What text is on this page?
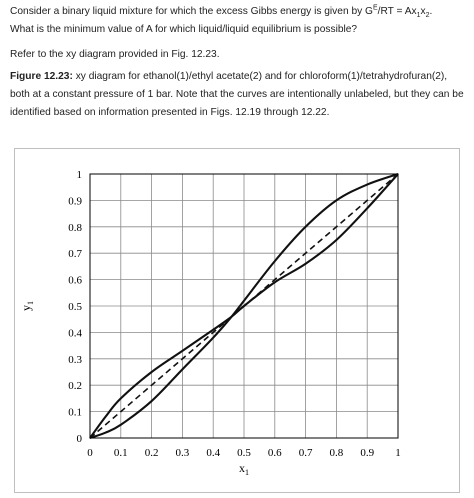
Consider a binary liquid mixture for which the excess Gibbs energy is given by $G^E/RT = Ax_1x_2$.
What is the minimum value of A for which liquid/liquid equilibrium is possible?
Refer to the xy diagram provided in Fig. 12.23.
Figure 12.23: xy diagram for ethanol(1)/ethyl acetate(2) and for chloroform(1)/tetrahydrofuran(2), both at a constant pressure of 1 bar. Note that the curves are intentionally unlabeled, but they can be identified based on information presented in Figs. 12.19 through 12.22.
0 0.1 0.2 0.3 0.4 0.5 0.6 0.7 0.8 0.9 1
0
0.1
0.2
0.3
0.4
0.5
0.6
0.7
0.8
0.9
1
$x_1$
$y_1$
